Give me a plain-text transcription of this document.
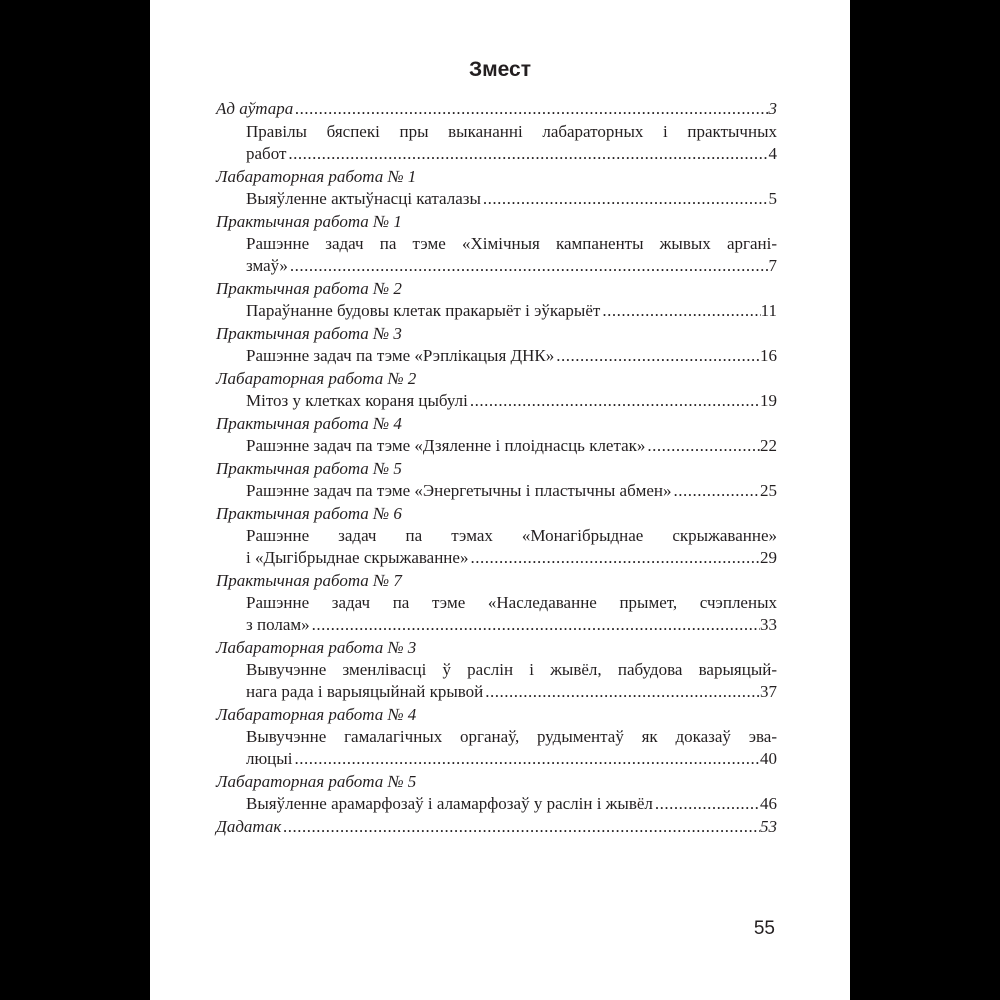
Змест
Ад аўтара .....	3
Правілы бяспекі пры выкананні лабараторных і практычных
работ .....	4
Лабараторная работа № 1
Выяўленне актыўнасці каталазы .....	5
Практычная работа № 1
Рашэнне задач па тэме «Хімічныя кампаненты жывых аргані-
змаў» .....	7
Практычная работа № 2
Параўнанне будовы клетак пракарыёт і эўкарыёт .....	11
Практычная работа № 3
Рашэнне задач па тэме «Рэплікацыя ДНК» .....	16
Лабараторная работа № 2
Мітоз у клетках кораня цыбулі .....	19
Практычная работа № 4
Рашэнне задач па тэме «Дзяленне і плоіднасць клетак» .....	22
Практычная работа № 5
Рашэнне задач па тэме «Энергетычны і пластычны абмен» .....	25
Практычная работа № 6
Рашэнне задач па тэмах «Монагібрыднае скрыжаванне»
і «Дыгібрыднае скрыжаванне» .....	29
Практычная работа № 7
Рашэнне задач па тэме «Наследаванне прымет, счэпленых
з полам» .....	33
Лабараторная работа № 3
Вывучэнне зменлівасці ў раслін і жывёл, пабудова варыяцый-
нага рада і варыяцыйнай крывой .....	37
Лабараторная работа № 4
Вывучэнне гамалагічных органаў, рудыментаў як доказаў эва-
люцыі .....	40
Лабараторная работа № 5
Выяўленне арамарфозаў і аламарфозаў у раслін і жывёл .....	46
Дадатак .....	53
55
